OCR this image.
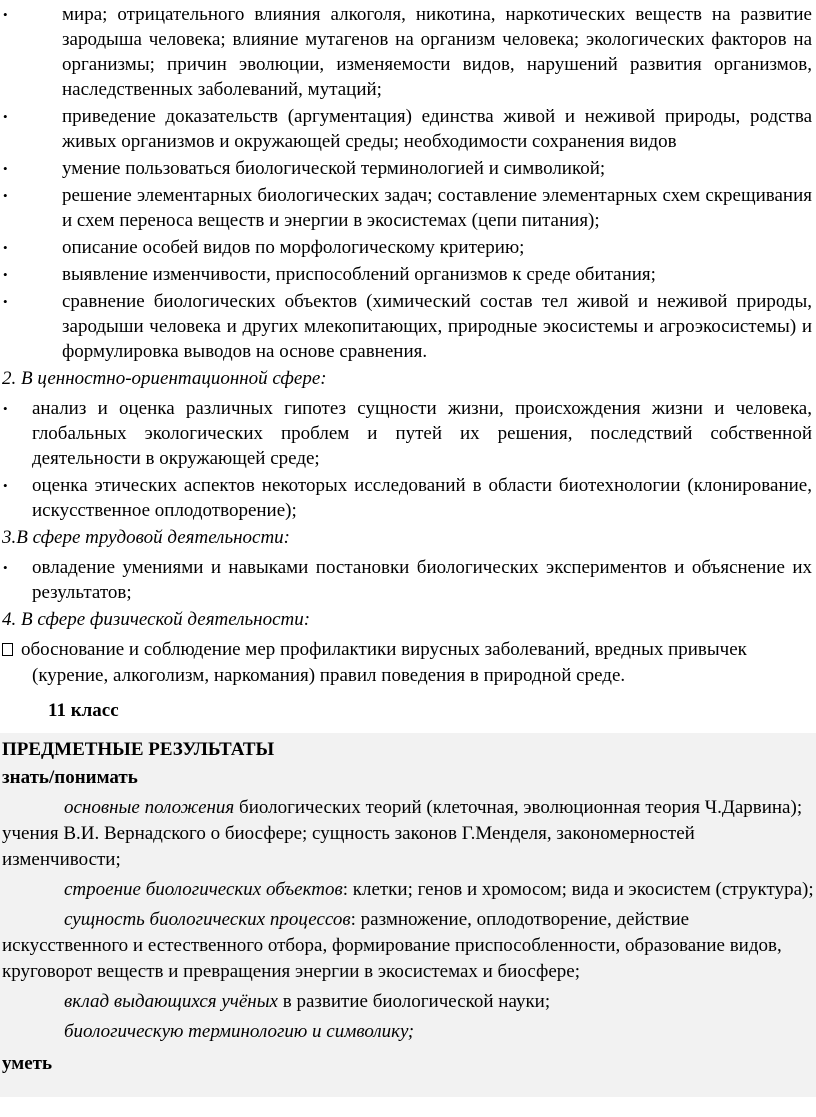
•	мира; отрицательного влияния алкоголя, никотина, наркотических веществ на развитие зародыша человека; влияние мутагенов на организм человека; экологических факторов на организмы; причин эволюции, изменяемости видов, нарушений развития организмов, наследственных заболеваний, мутаций;
•	приведение доказательств (аргументация) единства живой и неживой природы, родства живых организмов и окружающей среды; необходимости сохранения видов
•	умение пользоваться биологической терминологией и символикой;
•	решение элементарных биологических задач; составление элементарных схем скрещивания и схем переноса веществ и энергии в экосистемах (цепи питания);
•	описание особей видов по морфологическому критерию;
•	выявление изменчивости, приспособлений организмов к среде обитания;
•	сравнение биологических объектов (химический состав тел живой и неживой природы, зародыши человека и других млекопитающих, природные экосистемы и агроэкосистемы) и формулировка выводов на основе сравнения.
2. В ценностно-ориентационной сфере:
• анализ и оценка различных гипотез сущности жизни, происхождения жизни и человека, глобальных экологических проблем и путей их решения, последствий собственной деятельности в окружающей среде;
• оценка этических аспектов некоторых исследований в области биотехнологии (клонирование, искусственное оплодотворение);
3.В сфере трудовой деятельности:
• овладение умениями и навыками постановки биологических экспериментов и объяснение их результатов;
4. В сфере физической деятельности:
обоснование и соблюдение мер профилактики вирусных заболеваний, вредных привычек (курение, алкоголизм, наркомания) правил поведения в природной среде.
11 класс
ПРЕДМЕТНЫЕ РЕЗУЛЬТАТЫ
знать/понимать

основные положения биологических теорий (клеточная, эволюционная теория Ч.Дарвина); учения В.И. Вернадского о биосфере; сущность законов Г.Менделя, закономерностей изменчивости;

строение биологических объектов: клетки; генов и хромосом; вида и экосистем (структура);

сущность биологических процессов: размножение, оплодотворение, действие искусственного и естественного отбора, формирование приспособленности, образование видов, круговорот веществ и превращения энергии в экосистемах и биосфере;

вклад выдающихся учёных в развитие биологической науки;

биологическую терминологию и символику;

уметь
